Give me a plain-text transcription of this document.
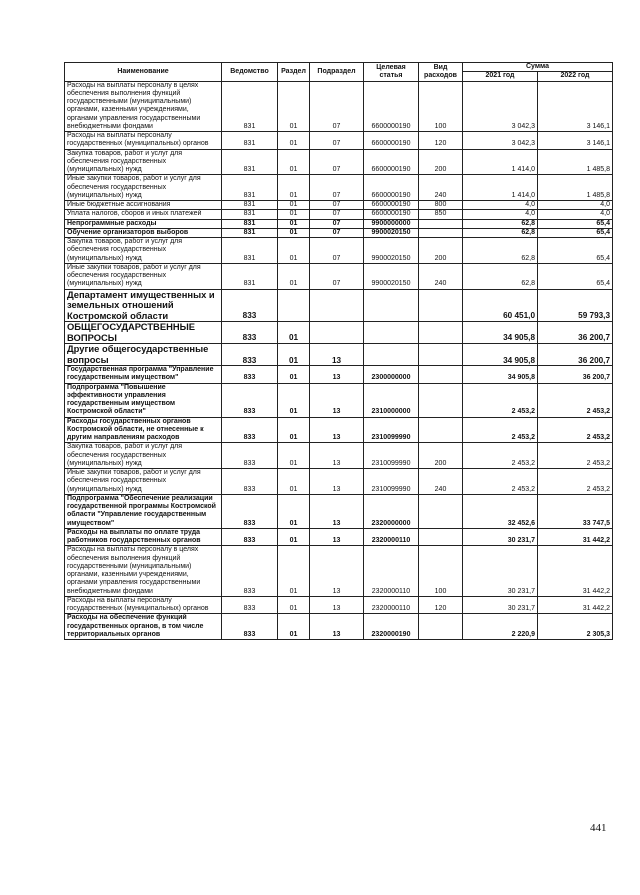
Наименование	Ведомство	Раздел	Подраздел	Целевая статья	Вид расходов	Сумма	
						2021 год	2022 год
Расходы на выплаты персоналу в целях обеспечения выполнения функций государственными (муниципальными) органами, казенными учреждениями, органами управления государственными внебюджетными фондами	831	01	07	6600000190	100	3 042,3	3 146,1
Расходы на выплаты персоналу государственных (муниципальных) органов	831	01	07	6600000190	120	3 042,3	3 146,1
Закупка товаров, работ и услуг для обеспечения государственных (муниципальных) нужд	831	01	07	6600000190	200	1 414,0	1 485,8
Иные закупки товаров, работ и услуг для обеспечения государственных (муниципальных) нужд	831	01	07	6600000190	240	1 414,0	1 485,8
Иные бюджетные ассигнования	831	01	07	6600000190	800	4,0	4,0
Уплата налогов, сборов и иных платежей	831	01	07	6600000190	850	4,0	4,0
Непрограммные расходы	831	01	07	9900000000		62,8	65,4
Обучение организаторов выборов	831	01	07	9900020150		62,8	65,4
Закупка товаров, работ и услуг для обеспечения государственных (муниципальных) нужд	831	01	07	9900020150	200	62,8	65,4
Иные закупки товаров, работ и услуг для обеспечения государственных (муниципальных) нужд	831	01	07	9900020150	240	62,8	65,4
Департамент имущественных и земельных отношений Костромской области	833					60 451,0	59 793,3
ОБЩЕГОСУДАРСТВЕННЫЕ ВОПРОСЫ	833	01				34 905,8	36 200,7
Другие общегосударственные вопросы	833	01	13			34 905,8	36 200,7
Государственная программа "Управление государственным имуществом"	833	01	13	2300000000		34 905,8	36 200,7
Подпрограмма "Повышение эффективности управления государственным имуществом Костромской области"	833	01	13	2310000000		2 453,2	2 453,2
Расходы государственных органов Костромской области, не отнесенные к другим направлениям расходов	833	01	13	2310099990		2 453,2	2 453,2
Закупка товаров, работ и услуг для обеспечения государственных (муниципальных) нужд	833	01	13	2310099990	200	2 453,2	2 453,2
Иные закупки товаров, работ и услуг для обеспечения государственных (муниципальных) нужд	833	01	13	2310099990	240	2 453,2	2 453,2
Подпрограмма "Обеспечение реализации государственной программы Костромской области "Управление государственным имуществом"	833	01	13	2320000000		32 452,6	33 747,5
Расходы на выплаты по оплате труда работников государственных органов	833	01	13	2320000110		30 231,7	31 442,2
Расходы на выплаты персоналу в целях обеспечения выполнения функций государственными (муниципальными) органами, казенными учреждениями, органами управления государственными внебюджетными фондами	833	01	13	2320000110	100	30 231,7	31 442,2
Расходы на выплаты персоналу государственных (муниципальных) органов	833	01	13	2320000110	120	30 231,7	31 442,2
Расходы на обеспечение функций государственных органов, в том числе территориальных органов	833	01	13	2320000190		2 220,9	2 305,3
441
